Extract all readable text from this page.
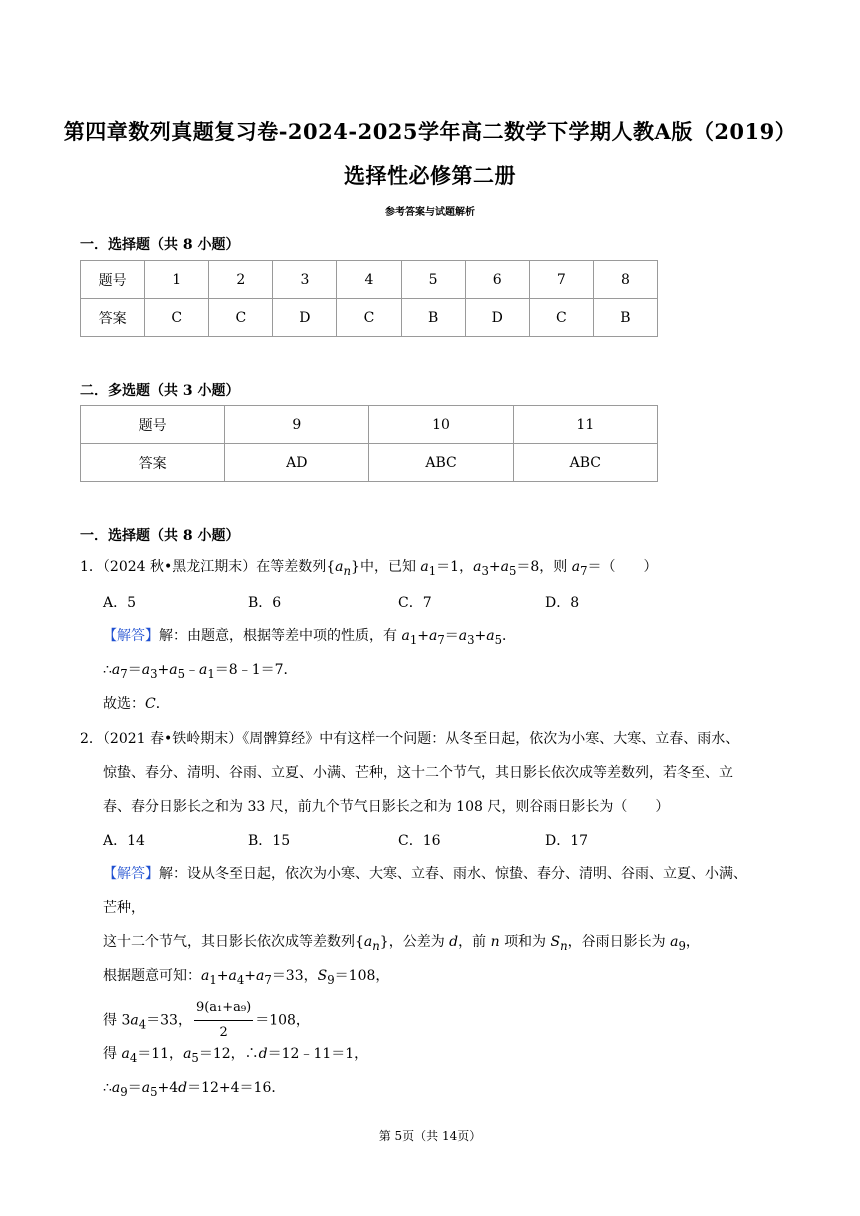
第四章数列真题复习卷-2024-2025学年高二数学下学期人教A版（2019）
选择性必修第二册
参考答案与试题解析
一．选择题（共 8 小题）
题号	1	2	3	4	5	6	7	8
答案	C	C	D	C	B	D	C	B
二．多选题（共 3 小题）
题号	9	10	11
答案	AD	ABC	ABC
一．选择题（共 8 小题）
1．（2024 秋•黑龙江期末）在等差数列$\{a_n\}$中，已知 $a_1=1$，$a_3+a_5=8$，则 $a_7=$（　　）
A．5	B．6	C．7	D．8
【解答】解：由题意，根据等差中项的性质，有 $a_1+a_7=a_3+a_5$．
$\therefore a_7=a_3+a_5﹣a_1=8﹣1=7$．
故选：C．
2．（2021 春•铁岭期末）《周髀算经》中有这样一个问题：从冬至日起，依次为小寒、大寒、立春、雨水、
惊蛰、春分、清明、谷雨、立夏、小满、芒种，这十二个节气，其日影长依次成等差数列，若冬至、立
春、春分日影长之和为 33 尺，前九个节气日影长之和为 108 尺，则谷雨日影长为（　　）
A．14	B．15	C．16	D．17
【解答】解：设从冬至日起，依次为小寒、大寒、立春、雨水、惊蛰、春分、清明、谷雨、立夏、小满、
芒种，
这十二个节气，其日影长依次成等差数列$\{a_n\}$，公差为 d，前 n 项和为 $S_n$，谷雨日影长为 $a_9$，
根据题意可知：$a_1+a_4+a_7=33$，$S_9=108$，
得 $3a_4=33$， $\frac{\text{9(a₁+a₉)}}{2} =108$，
得 $a_4=11$，$a_5=12$，∴d＝12﹣11＝1，
$\therefore a_9=a_5+4d=12+4=16$．
第 5页（共 14页）
